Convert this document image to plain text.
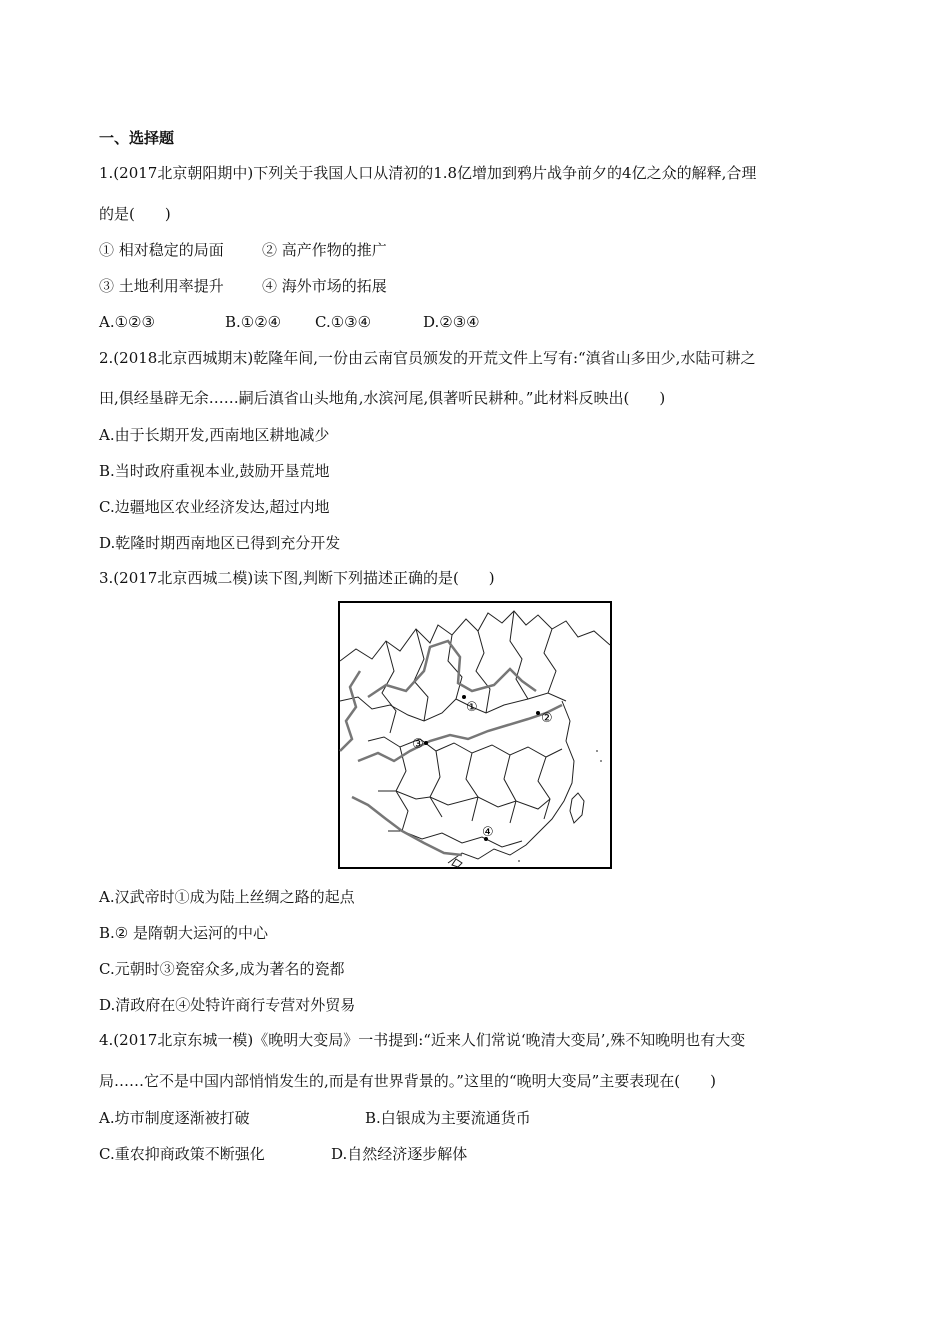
一、选择题
1.(2017北京朝阳期中)下列关于我国人口从清初的1.8亿增加到鸦片战争前夕的4亿之众的解释,合理
的是(　　)
① 相对稳定的局面	② 高产作物的推广
③ 土地利用率提升	④ 海外市场的拓展
A.①②③	B.①②④ C.①③④	D.②③④
2.(2018北京西城期末)乾隆年间,一份由云南官员颁发的开荒文件上写有:“滇省山多田少,水陆可耕之
田,俱经垦辟无余……嗣后滇省山头地角,水滨河尾,俱著听民耕种。”此材料反映出(　　)
A.由于长期开发,西南地区耕地减少
B.当时政府重视本业,鼓励开垦荒地
C.边疆地区农业经济发达,超过内地
D.乾隆时期西南地区已得到充分开发
3.(2017北京西城二模)读下图,判断下列描述正确的是(　　)
①
②
③
④
A.汉武帝时①成为陆上丝绸之路的起点
B.② 是隋朝大运河的中心
C.元朝时③瓷窑众多,成为著名的瓷都
D.清政府在④处特许商行专营对外贸易
4.(2017北京东城一模)《晚明大变局》一书提到:“近来人们常说‘晚清大变局’,殊不知晚明也有大变
局……它不是中国内部悄悄发生的,而是有世界背景的。”这里的“晚明大变局”主要表现在(　　)
A.坊市制度逐渐被打破	B.白银成为主要流通货币
C.重农抑商政策不断强化	D.自然经济逐步解体
